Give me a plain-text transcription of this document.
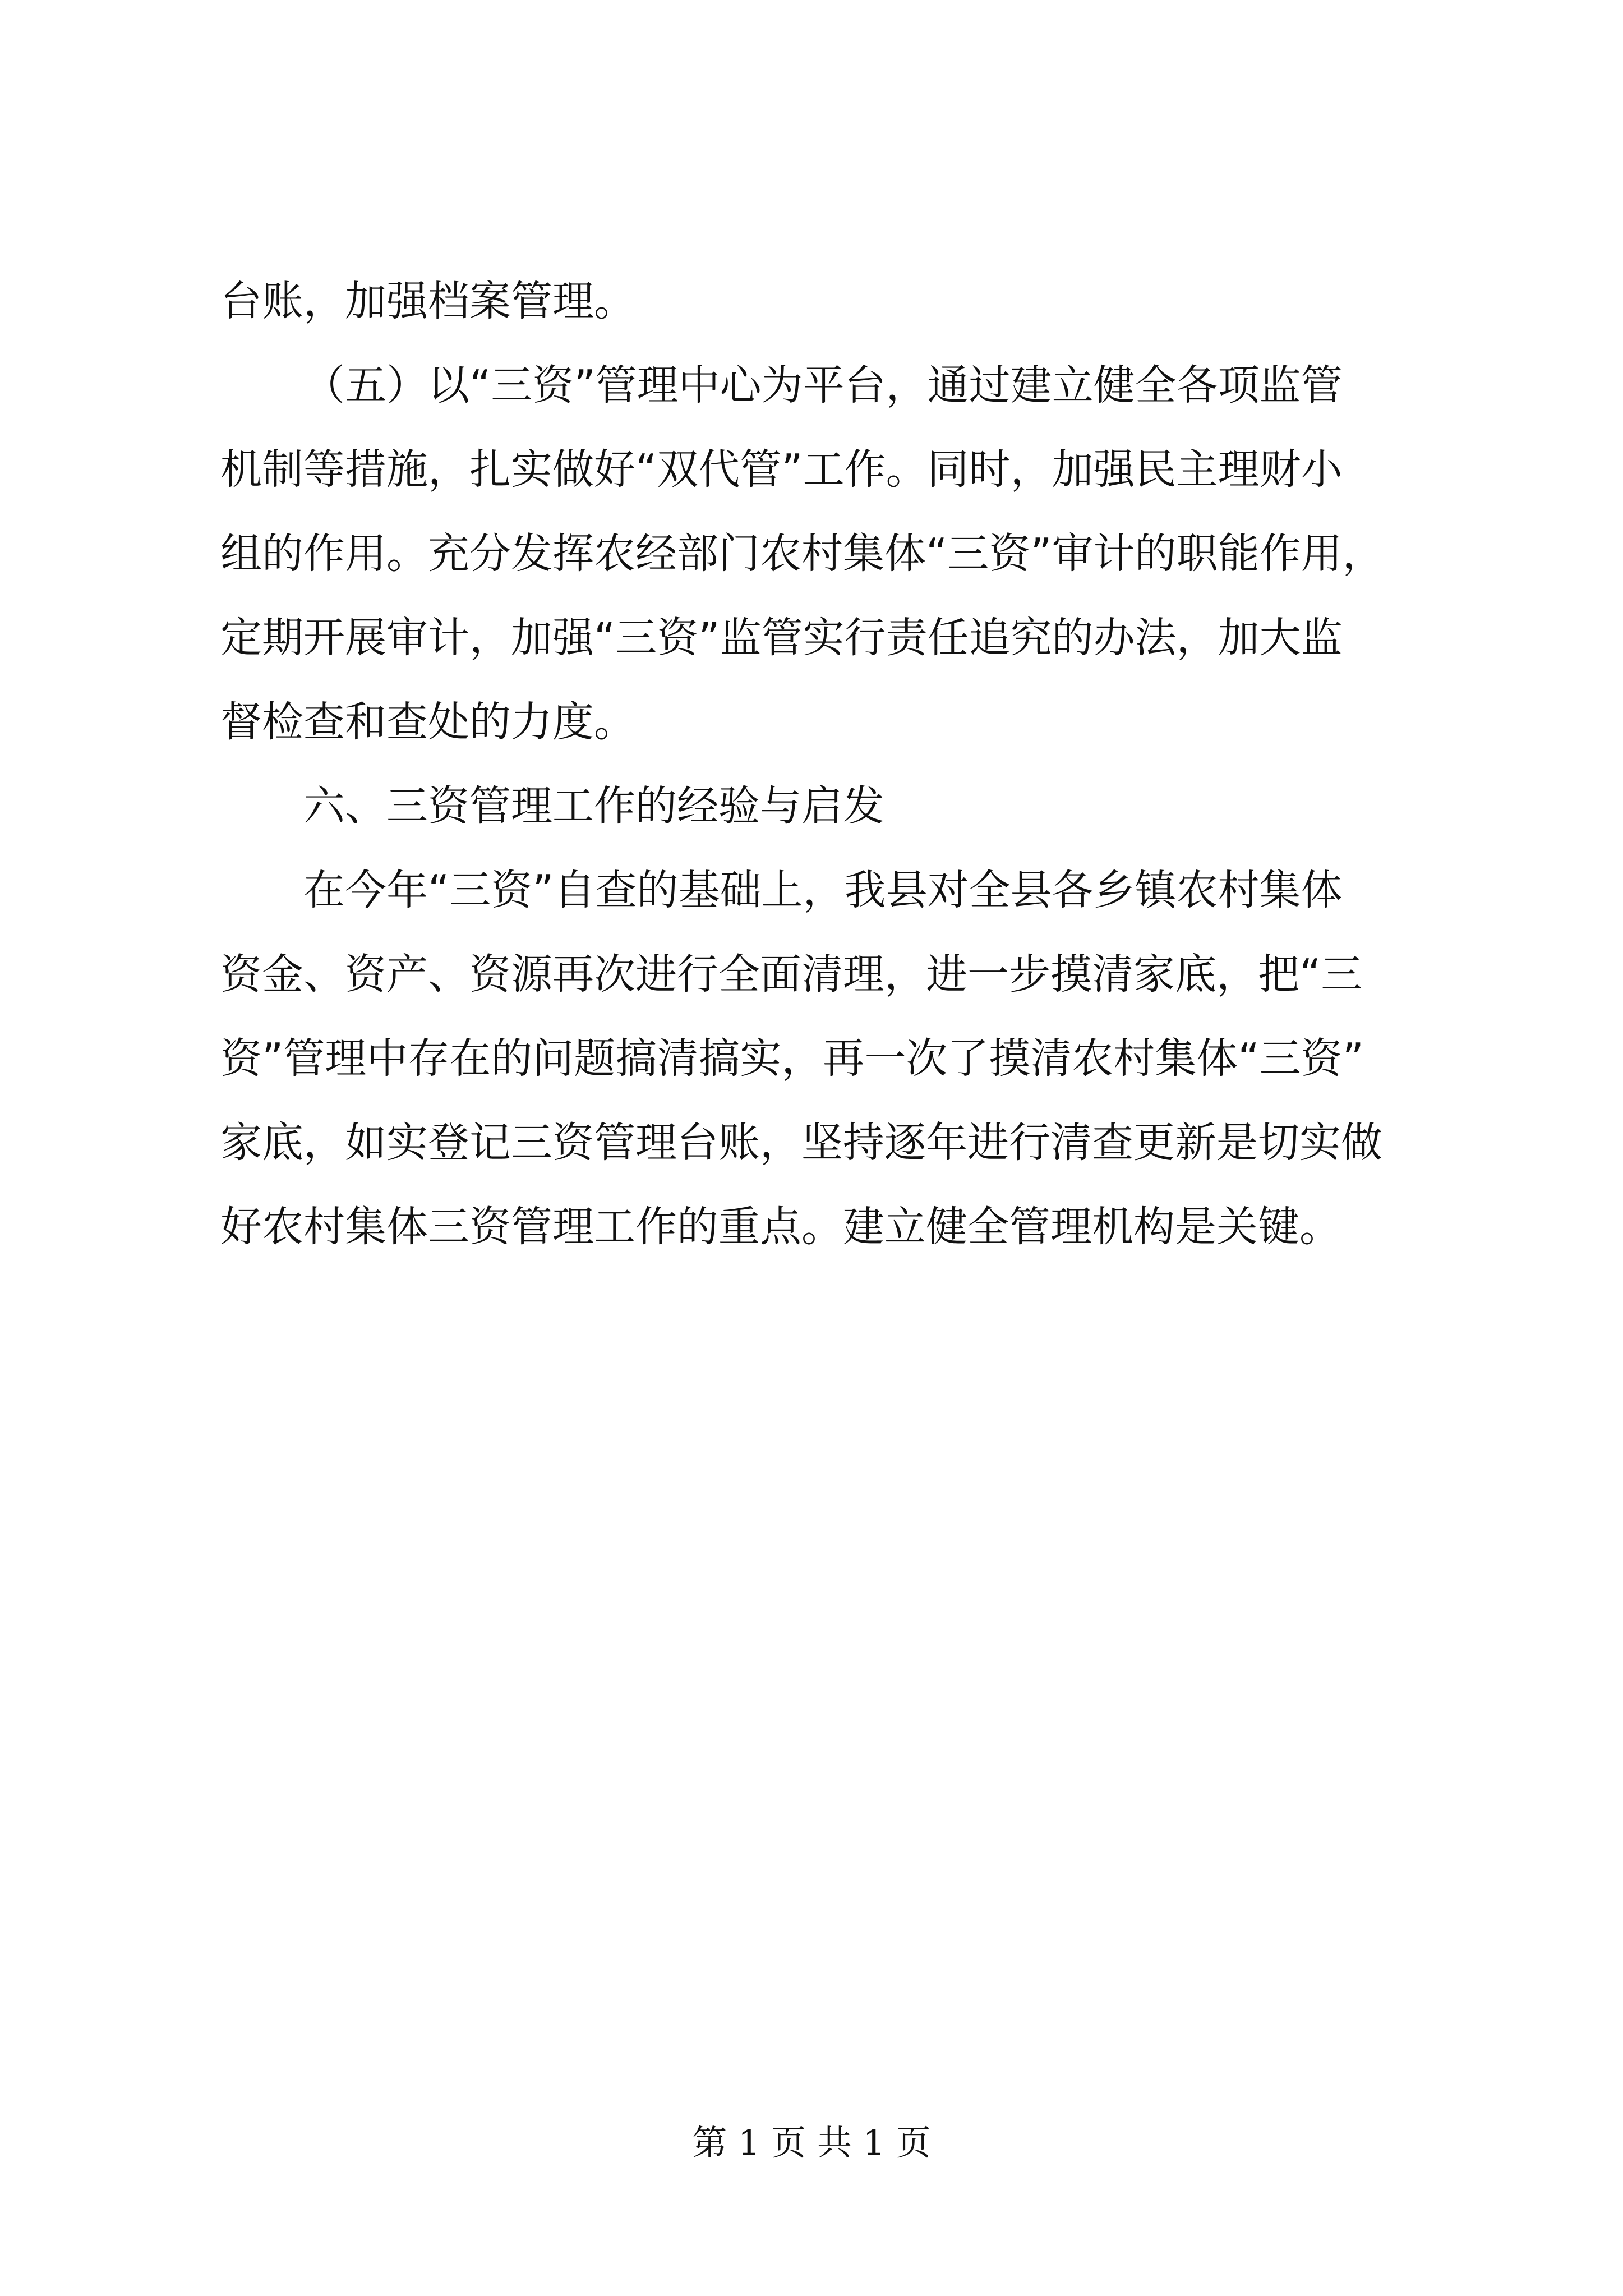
台账，加强档案管理。
（五）以“三资”管理中心为平台，通过建立健全各项监管
机制等措施，扎实做好“双代管”工作。同时，加强民主理财小
组的作用。充分发挥农经部门农村集体“三资”审计的职能作用，
定期开展审计，加强“三资”监管实行责任追究的办法，加大监
督检查和查处的力度。
六、三资管理工作的经验与启发
在今年“三资”自查的基础上，我县对全县各乡镇农村集体
资金、资产、资源再次进行全面清理，进一步摸清家底，把“三
资”管理中存在的问题搞清搞实，再一次了摸清农村集体“三资”
家底，如实登记三资管理台账，坚持逐年进行清查更新是切实做
好农村集体三资管理工作的重点。建立健全管理机构是关键。
第 1 页 共 1 页
